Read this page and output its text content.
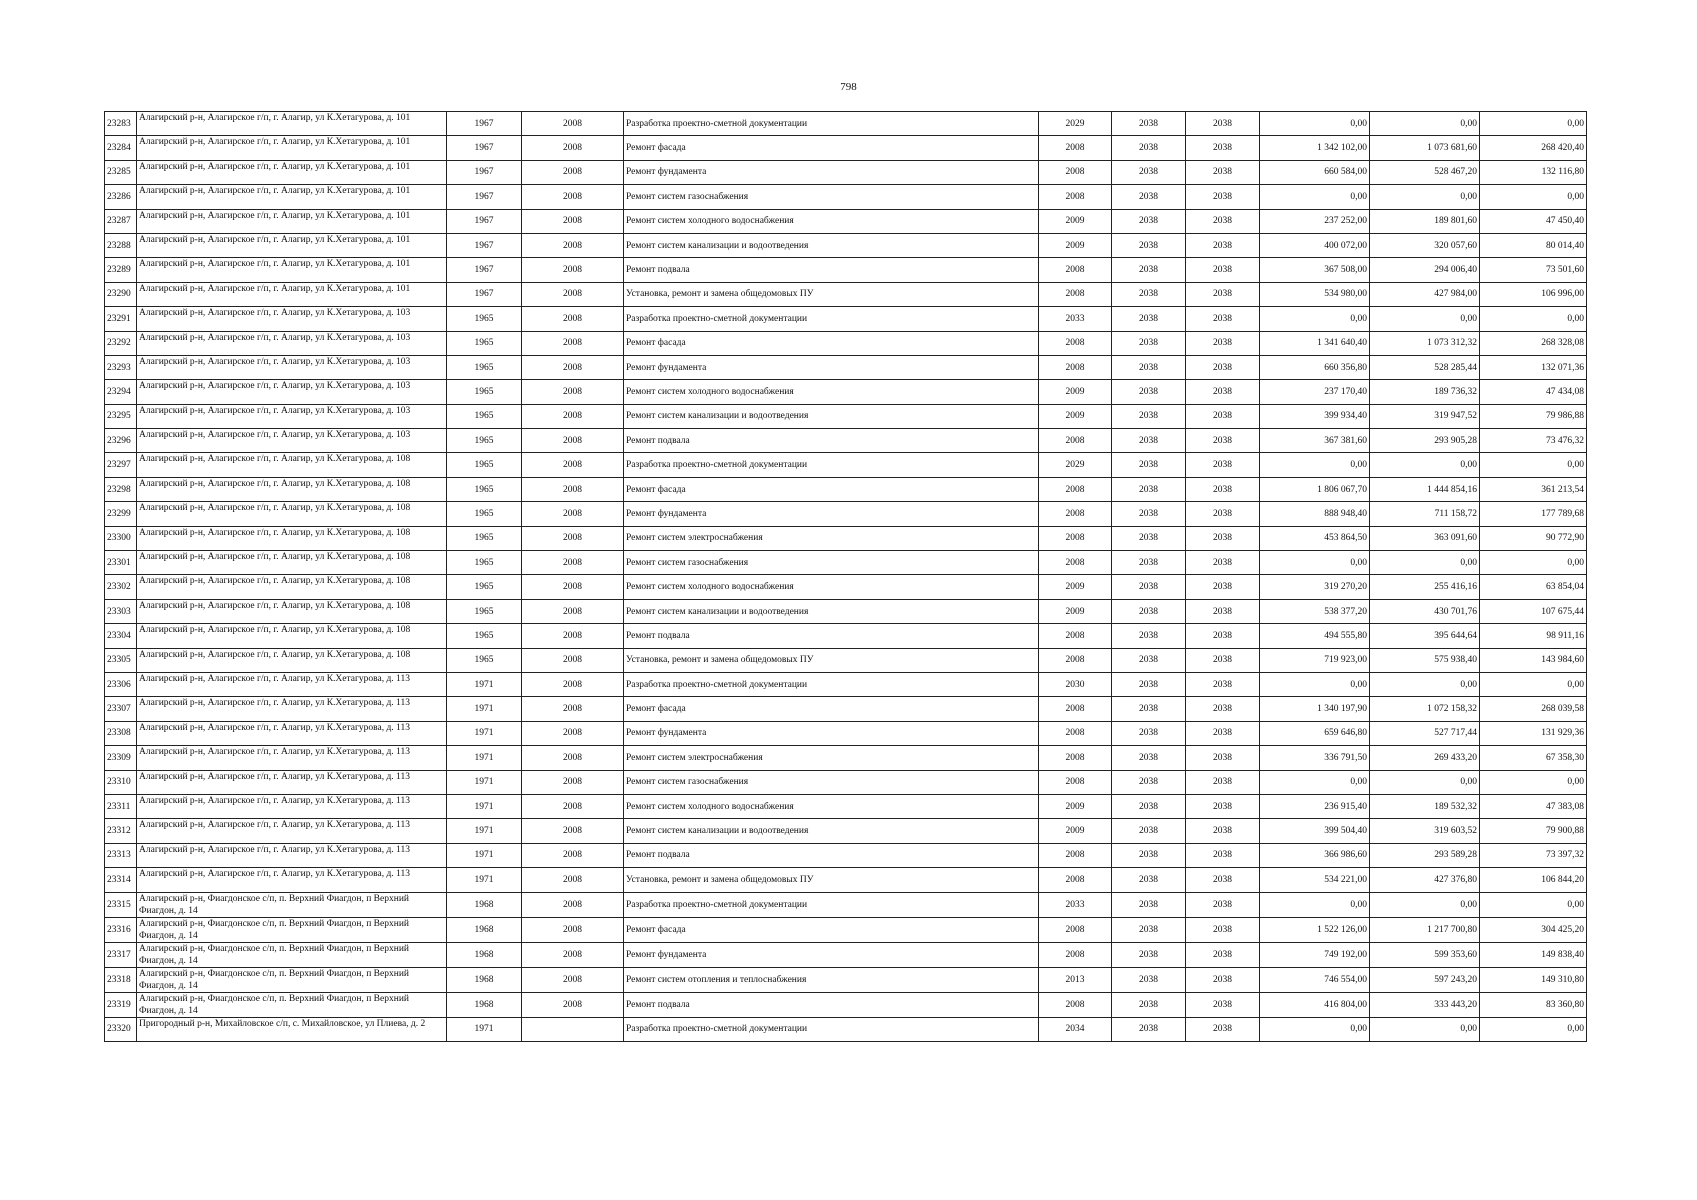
798
23283	Алагирский р-н, Алагирское г/п, г. Алагир, ул К.Хетагурова, д. 101	1967	2008	Разработка проектно-сметной документации	2029	2038	2038	0,00	0,00	0,00
23284	Алагирский р-н, Алагирское г/п, г. Алагир, ул К.Хетагурова, д. 101	1967	2008	Ремонт фасада	2008	2038	2038	1 342 102,00	1 073 681,60	268 420,40
23285	Алагирский р-н, Алагирское г/п, г. Алагир, ул К.Хетагурова, д. 101	1967	2008	Ремонт фундамента	2008	2038	2038	660 584,00	528 467,20	132 116,80
23286	Алагирский р-н, Алагирское г/п, г. Алагир, ул К.Хетагурова, д. 101	1967	2008	Ремонт систем газоснабжения	2008	2038	2038	0,00	0,00	0,00
23287	Алагирский р-н, Алагирское г/п, г. Алагир, ул К.Хетагурова, д. 101	1967	2008	Ремонт систем холодного водоснабжения	2009	2038	2038	237 252,00	189 801,60	47 450,40
23288	Алагирский р-н, Алагирское г/п, г. Алагир, ул К.Хетагурова, д. 101	1967	2008	Ремонт систем канализации и водоотведения	2009	2038	2038	400 072,00	320 057,60	80 014,40
23289	Алагирский р-н, Алагирское г/п, г. Алагир, ул К.Хетагурова, д. 101	1967	2008	Ремонт подвала	2008	2038	2038	367 508,00	294 006,40	73 501,60
23290	Алагирский р-н, Алагирское г/п, г. Алагир, ул К.Хетагурова, д. 101	1967	2008	Установка, ремонт и замена общедомовых ПУ	2008	2038	2038	534 980,00	427 984,00	106 996,00
23291	Алагирский р-н, Алагирское г/п, г. Алагир, ул К.Хетагурова, д. 103	1965	2008	Разработка проектно-сметной документации	2033	2038	2038	0,00	0,00	0,00
23292	Алагирский р-н, Алагирское г/п, г. Алагир, ул К.Хетагурова, д. 103	1965	2008	Ремонт фасада	2008	2038	2038	1 341 640,40	1 073 312,32	268 328,08
23293	Алагирский р-н, Алагирское г/п, г. Алагир, ул К.Хетагурова, д. 103	1965	2008	Ремонт фундамента	2008	2038	2038	660 356,80	528 285,44	132 071,36
23294	Алагирский р-н, Алагирское г/п, г. Алагир, ул К.Хетагурова, д. 103	1965	2008	Ремонт систем холодного водоснабжения	2009	2038	2038	237 170,40	189 736,32	47 434,08
23295	Алагирский р-н, Алагирское г/п, г. Алагир, ул К.Хетагурова, д. 103	1965	2008	Ремонт систем канализации и водоотведения	2009	2038	2038	399 934,40	319 947,52	79 986,88
23296	Алагирский р-н, Алагирское г/п, г. Алагир, ул К.Хетагурова, д. 103	1965	2008	Ремонт подвала	2008	2038	2038	367 381,60	293 905,28	73 476,32
23297	Алагирский р-н, Алагирское г/п, г. Алагир, ул К.Хетагурова, д. 108	1965	2008	Разработка проектно-сметной документации	2029	2038	2038	0,00	0,00	0,00
23298	Алагирский р-н, Алагирское г/п, г. Алагир, ул К.Хетагурова, д. 108	1965	2008	Ремонт фасада	2008	2038	2038	1 806 067,70	1 444 854,16	361 213,54
23299	Алагирский р-н, Алагирское г/п, г. Алагир, ул К.Хетагурова, д. 108	1965	2008	Ремонт фундамента	2008	2038	2038	888 948,40	711 158,72	177 789,68
23300	Алагирский р-н, Алагирское г/п, г. Алагир, ул К.Хетагурова, д. 108	1965	2008	Ремонт систем электроснабжения	2008	2038	2038	453 864,50	363 091,60	90 772,90
23301	Алагирский р-н, Алагирское г/п, г. Алагир, ул К.Хетагурова, д. 108	1965	2008	Ремонт систем газоснабжения	2008	2038	2038	0,00	0,00	0,00
23302	Алагирский р-н, Алагирское г/п, г. Алагир, ул К.Хетагурова, д. 108	1965	2008	Ремонт систем холодного водоснабжения	2009	2038	2038	319 270,20	255 416,16	63 854,04
23303	Алагирский р-н, Алагирское г/п, г. Алагир, ул К.Хетагурова, д. 108	1965	2008	Ремонт систем канализации и водоотведения	2009	2038	2038	538 377,20	430 701,76	107 675,44
23304	Алагирский р-н, Алагирское г/п, г. Алагир, ул К.Хетагурова, д. 108	1965	2008	Ремонт подвала	2008	2038	2038	494 555,80	395 644,64	98 911,16
23305	Алагирский р-н, Алагирское г/п, г. Алагир, ул К.Хетагурова, д. 108	1965	2008	Установка, ремонт и замена общедомовых ПУ	2008	2038	2038	719 923,00	575 938,40	143 984,60
23306	Алагирский р-н, Алагирское г/п, г. Алагир, ул К.Хетагурова, д. 113	1971	2008	Разработка проектно-сметной документации	2030	2038	2038	0,00	0,00	0,00
23307	Алагирский р-н, Алагирское г/п, г. Алагир, ул К.Хетагурова, д. 113	1971	2008	Ремонт фасада	2008	2038	2038	1 340 197,90	1 072 158,32	268 039,58
23308	Алагирский р-н, Алагирское г/п, г. Алагир, ул К.Хетагурова, д. 113	1971	2008	Ремонт фундамента	2008	2038	2038	659 646,80	527 717,44	131 929,36
23309	Алагирский р-н, Алагирское г/п, г. Алагир, ул К.Хетагурова, д. 113	1971	2008	Ремонт систем электроснабжения	2008	2038	2038	336 791,50	269 433,20	67 358,30
23310	Алагирский р-н, Алагирское г/п, г. Алагир, ул К.Хетагурова, д. 113	1971	2008	Ремонт систем газоснабжения	2008	2038	2038	0,00	0,00	0,00
23311	Алагирский р-н, Алагирское г/п, г. Алагир, ул К.Хетагурова, д. 113	1971	2008	Ремонт систем холодного водоснабжения	2009	2038	2038	236 915,40	189 532,32	47 383,08
23312	Алагирский р-н, Алагирское г/п, г. Алагир, ул К.Хетагурова, д. 113	1971	2008	Ремонт систем канализации и водоотведения	2009	2038	2038	399 504,40	319 603,52	79 900,88
23313	Алагирский р-н, Алагирское г/п, г. Алагир, ул К.Хетагурова, д. 113	1971	2008	Ремонт подвала	2008	2038	2038	366 986,60	293 589,28	73 397,32
23314	Алагирский р-н, Алагирское г/п, г. Алагир, ул К.Хетагурова, д. 113	1971	2008	Установка, ремонт и замена общедомовых ПУ	2008	2038	2038	534 221,00	427 376,80	106 844,20
23315	Алагирский р-н, Фиагдонское с/п, п. Верхний Фиагдон, п Верхний Фиагдон, д. 14	1968	2008	Разработка проектно-сметной документации	2033	2038	2038	0,00	0,00	0,00
23316	Алагирский р-н, Фиагдонское с/п, п. Верхний Фиагдон, п Верхний Фиагдон, д. 14	1968	2008	Ремонт фасада	2008	2038	2038	1 522 126,00	1 217 700,80	304 425,20
23317	Алагирский р-н, Фиагдонское с/п, п. Верхний Фиагдон, п Верхний Фиагдон, д. 14	1968	2008	Ремонт фундамента	2008	2038	2038	749 192,00	599 353,60	149 838,40
23318	Алагирский р-н, Фиагдонское с/п, п. Верхний Фиагдон, п Верхний Фиагдон, д. 14	1968	2008	Ремонт систем отопления и теплоснабжения	2013	2038	2038	746 554,00	597 243,20	149 310,80
23319	Алагирский р-н, Фиагдонское с/п, п. Верхний Фиагдон, п Верхний Фиагдон, д. 14	1968	2008	Ремонт подвала	2008	2038	2038	416 804,00	333 443,20	83 360,80
23320	Пригородный р-н, Михайловское с/п, с. Михайловское, ул Плиева, д. 2	1971		Разработка проектно-сметной документации	2034	2038	2038	0,00	0,00	0,00
